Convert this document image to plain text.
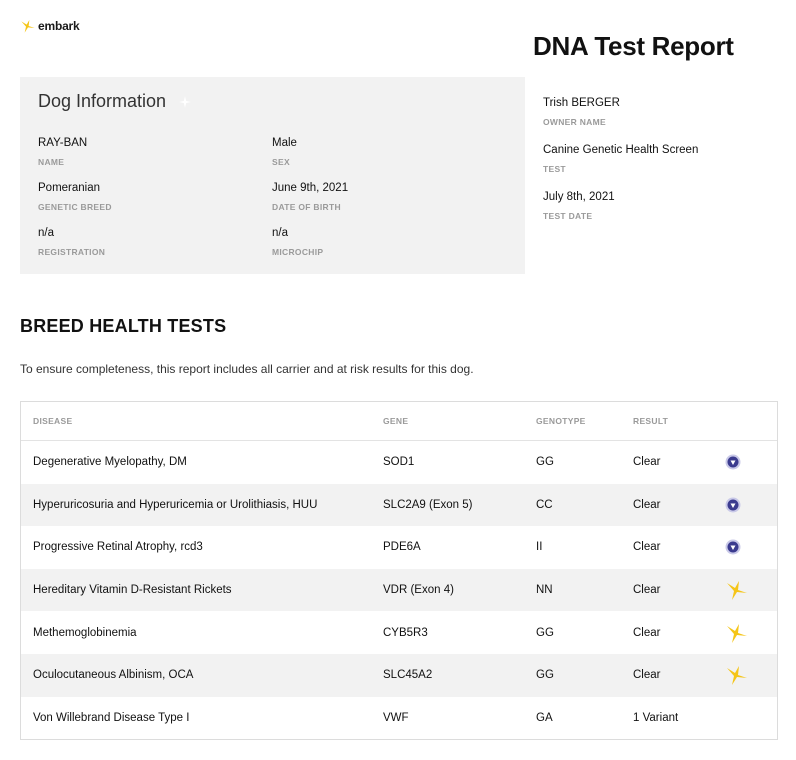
embark
DNA Test Report
Dog Information
RAY-BAN
NAME
Male
SEX
Pomeranian
GENETIC BREED
June 9th, 2021
DATE OF BIRTH
n/a
REGISTRATION
n/a
MICROCHIP
Trish BERGER
OWNER NAME
Canine Genetic Health Screen
TEST
July 8th, 2021
TEST DATE
BREED HEALTH TESTS
To ensure completeness, this report includes all carrier and at risk results for this dog.
DISEASE	GENE	GENOTYPE	RESULT
Degenerative Myelopathy, DM	SOD1	GG	Clear
Hyperuricosuria and Hyperuricemia or Urolithiasis, HUU	SLC2A9 (Exon 5)	CC	Clear
Progressive Retinal Atrophy, rcd3	PDE6A	II	Clear
Hereditary Vitamin D-Resistant Rickets	VDR (Exon 4)	NN	Clear
Methemoglobinemia	CYB5R3	GG	Clear
Oculocutaneous Albinism, OCA	SLC45A2	GG	Clear
Von Willebrand Disease Type I	VWF	GA	1 Variant
